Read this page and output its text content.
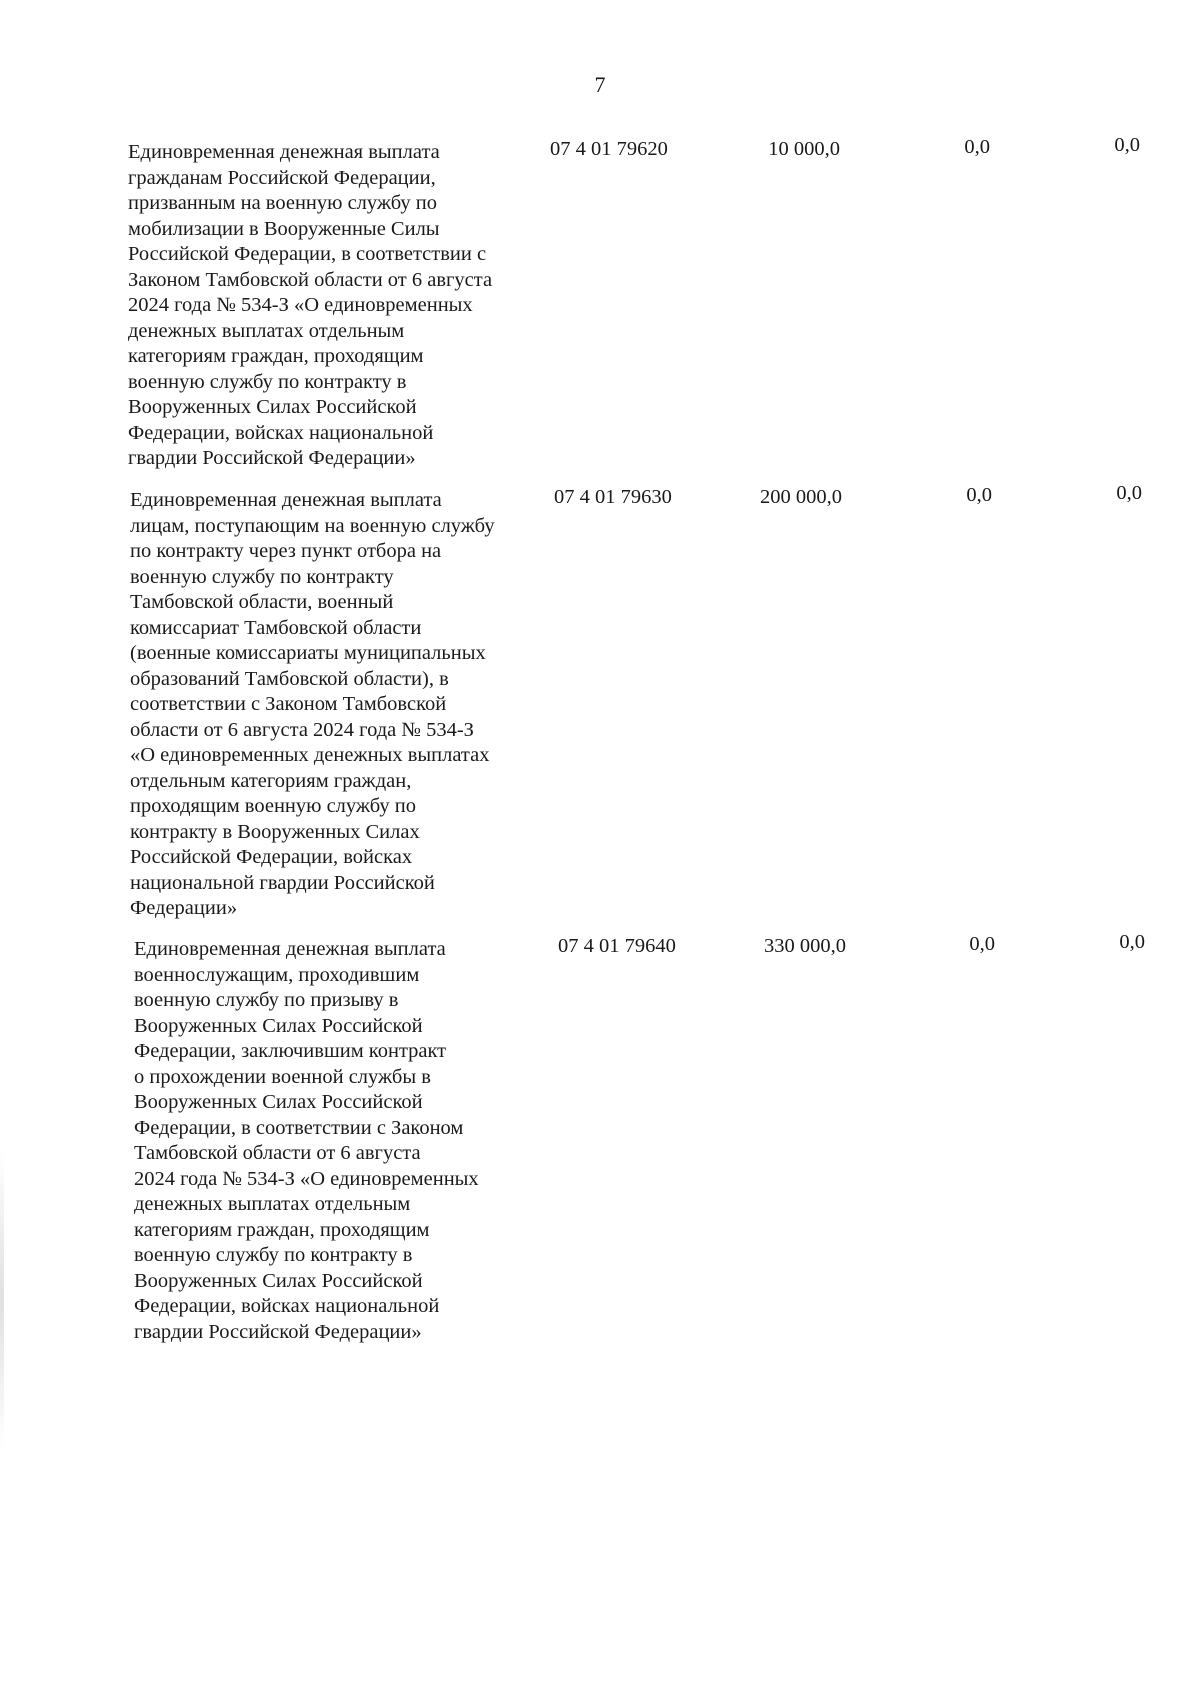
7
Единовременная денежная выплата
гражданам Российской Федерации,
призванным на военную службу по
мобилизации в Вооруженные Силы
Российской Федерации, в соответствии с
Законом Тамбовской области от 6 августа
2024 года № 534-З «О единовременных
денежных выплатах отдельным
категориям граждан, проходящим
военную службу по контракту в
Вооруженных Силах Российской
Федерации, войсках национальной
гвардии Российской Федерации»
07 4 01 79620	10 000,0	0,0	0,0
Единовременная денежная выплата
лицам, поступающим на военную службу
по контракту через пункт отбора на
военную службу по контракту
Тамбовской области, военный
комиссариат Тамбовской области
(военные комиссариаты муниципальных
образований Тамбовской области), в
соответствии с Законом Тамбовской
области от 6 августа 2024 года № 534-З
«О единовременных денежных выплатах
отдельным категориям граждан,
проходящим военную службу по
контракту в Вооруженных Силах
Российской Федерации, войсках
национальной гвардии Российской
Федерации»
07 4 01 79630	200 000,0	0,0	0,0
Единовременная денежная выплата
военнослужащим, проходившим
военную службу по призыву в
Вооруженных Силах Российской
Федерации, заключившим контракт
о прохождении военной службы в
Вооруженных Силах Российской
Федерации, в соответствии с Законом
Тамбовской области от 6 августа
2024 года № 534-З «О единовременных
денежных выплатах отдельным
категориям граждан, проходящим
военную службу по контракту в
Вооруженных Силах Российской
Федерации, войсках национальной
гвардии Российской Федерации»
07 4 01 79640	330 000,0	0,0	0,0
